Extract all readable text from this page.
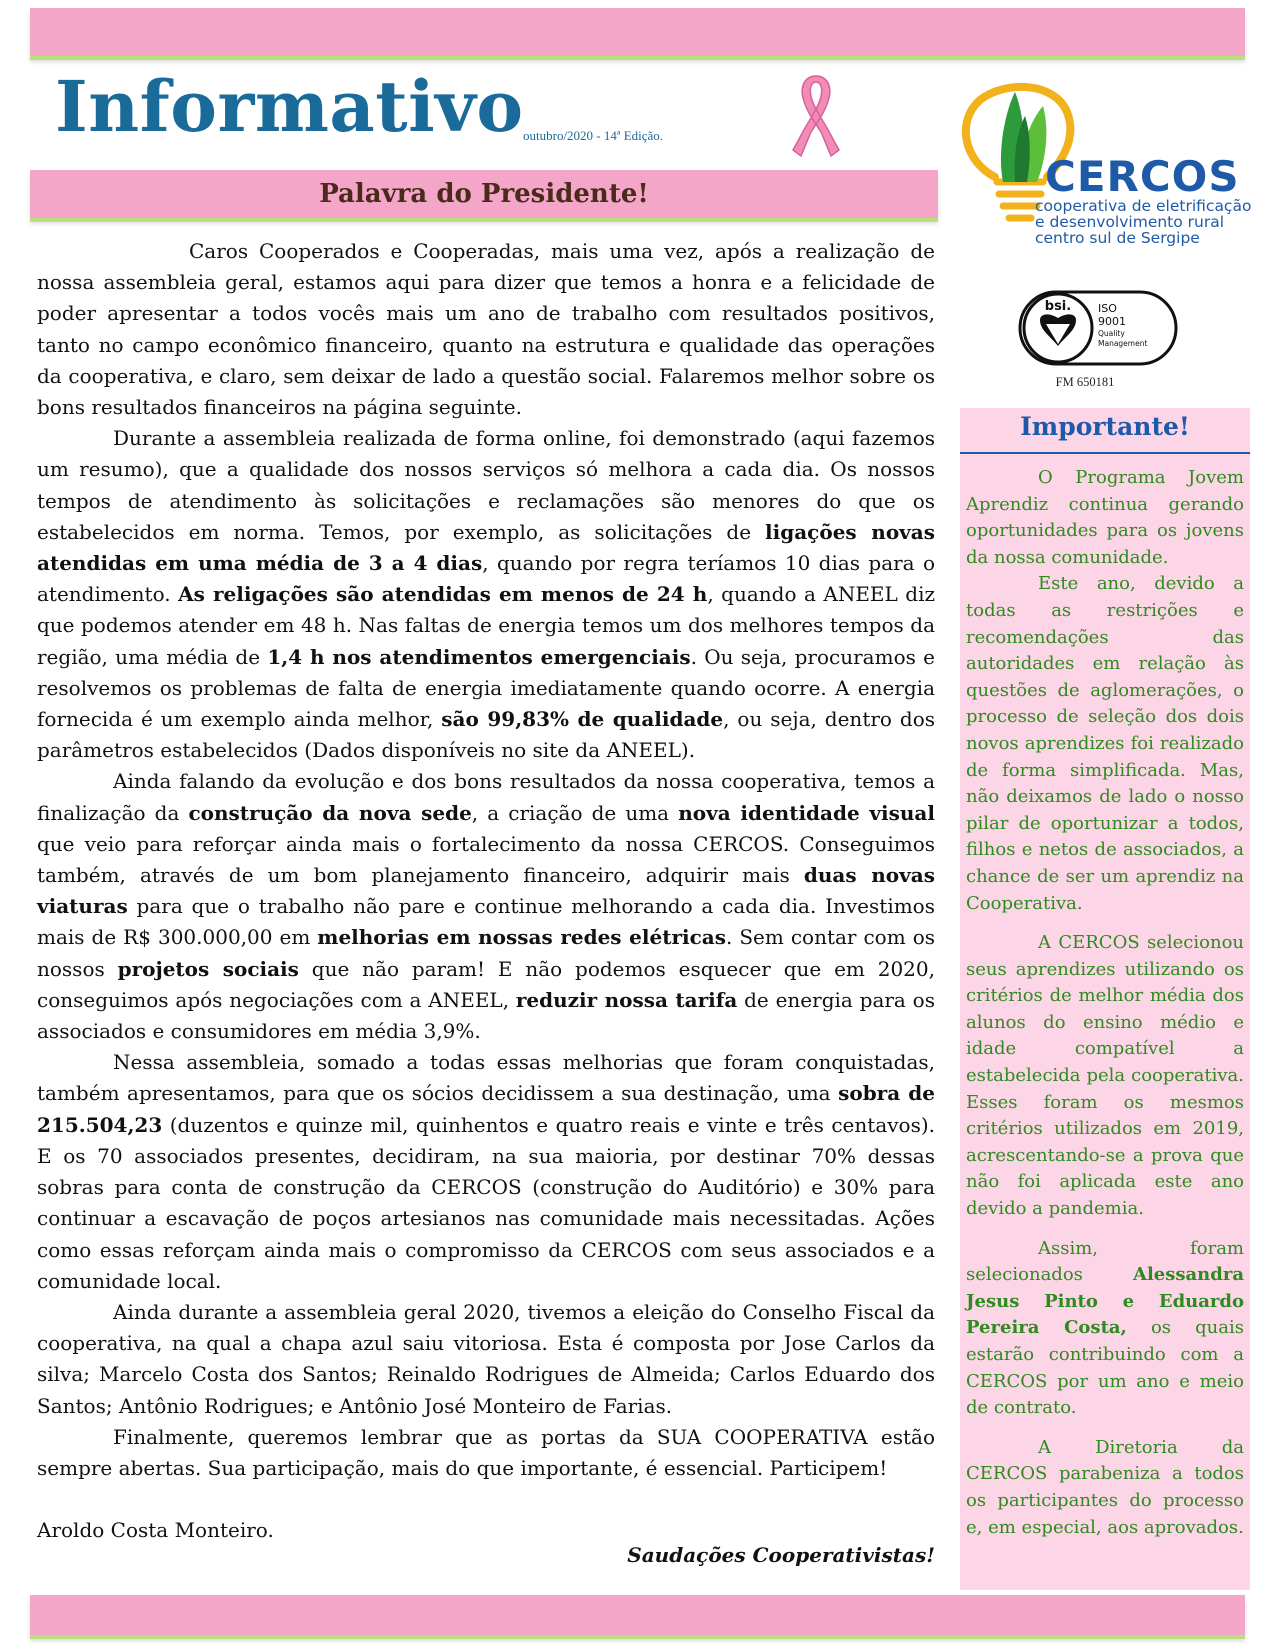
Informativo outubro/2020 - 14ª Edição.
Palavra do Presidente!	CERCOS
cooperativa de eletrificação
e desenvolvimento rural
centro sul de Sergipe
bsi. ISO
9001
Quality
Management
FM 650181

Caros Cooperados e Cooperadas, mais uma vez, após a realização de nossa assembleia geral, estamos aqui para dizer que temos a honra e a felicidade de poder apresentar a todos vocês mais um ano de trabalho com resultados positivos, tanto no campo econômico financeiro, quanto na estrutura e qualidade das operações da cooperativa, e claro, sem deixar de lado a questão social. Falaremos melhor sobre os bons resultados financeiros na página seguinte.

Durante a assembleia realizada de forma online, foi demonstrado (aqui fazemos um resumo), que a qualidade dos nossos serviços só melhora a cada dia. Os nossos tempos de atendimento às solicitações e reclamações são menores do que os estabelecidos em norma. Temos, por exemplo, as solicitações de ligações novas atendidas em uma média de 3 a 4 dias, quando por regra teríamos 10 dias para o atendimento. As religações são atendidas em menos de 24 h, quando a ANEEL diz que podemos atender em 48 h. Nas faltas de energia temos um dos melhores tempos da região, uma média de 1,4 h nos atendimentos emergenciais. Ou seja, procuramos e resolvemos os problemas de falta de energia imediatamente quando ocorre. A energia fornecida é um exemplo ainda melhor, são 99,83% de qualidade, ou seja, dentro dos parâmetros estabelecidos (Dados disponíveis no site da ANEEL).

Ainda falando da evolução e dos bons resultados da nossa cooperativa, temos a finalização da construção da nova sede, a criação de uma nova identidade visual que veio para reforçar ainda mais o fortalecimento da nossa CERCOS. Conseguimos também, através de um bom planejamento financeiro, adquirir mais duas novas viaturas para que o trabalho não pare e continue melhorando a cada dia. Investimos mais de R$ 300.000,00 em melhorias em nossas redes elétricas. Sem contar com os nossos projetos sociais que não param! E não podemos esquecer que em 2020, conseguimos após negociações com a ANEEL, reduzir nossa tarifa de energia para os associados e consumidores em média 3,9%.

Nessa assembleia, somado a todas essas melhorias que foram conquistadas, também apresentamos, para que os sócios decidissem a sua destinação, uma sobra de 215.504,23 (duzentos e quinze mil, quinhentos e quatro reais e vinte e três centavos). E os 70 associados presentes, decidiram, na sua maioria, por destinar 70% dessas sobras para conta de construção da CERCOS (construção do Auditório) e 30% para continuar a escavação de poços artesianos nas comunidade mais necessitadas. Ações como essas reforçam ainda mais o compromisso da CERCOS com seus associados e a comunidade local.

Ainda durante a assembleia geral 2020, tivemos a eleição do Conselho Fiscal da cooperativa, na qual a chapa azul saiu vitoriosa. Esta é composta por Jose Carlos da silva; Marcelo Costa dos Santos; Reinaldo Rodrigues de Almeida; Carlos Eduardo dos Santos; Antônio Rodrigues; e Antônio José Monteiro de Farias.

Finalmente, queremos lembrar que as portas da SUA COOPERATIVA estão sempre abertas. Sua participação, mais do que importante, é essencial. Participem!

Aroldo Costa Monteiro.

Saudações Cooperativistas!
Importante!

O Programa Jovem Aprendiz continua gerando oportunidades para os jovens da nossa comunidade.

Este ano, devido a todas as restrições e recomendações das autoridades em relação às questões de aglomerações, o processo de seleção dos dois novos aprendizes foi realizado de forma simplificada. Mas, não deixamos de lado o nosso pilar de oportunizar a todos, filhos e netos de associados, a chance de ser um aprendiz na Cooperativa.

A CERCOS selecionou seus aprendizes utilizando os critérios de melhor média dos alunos do ensino médio e idade compatível a estabelecida pela cooperativa. Esses foram os mesmos critérios utilizados em 2019, acrescentando-se a prova que não foi aplicada este ano devido a pandemia.

Assim, foram selecionados Alessandra Jesus Pinto e Eduardo Pereira Costa, os quais estarão contribuindo com a CERCOS por um ano e meio de contrato.

A Diretoria da CERCOS parabeniza a todos os participantes do processo e, em especial, aos aprovados.
